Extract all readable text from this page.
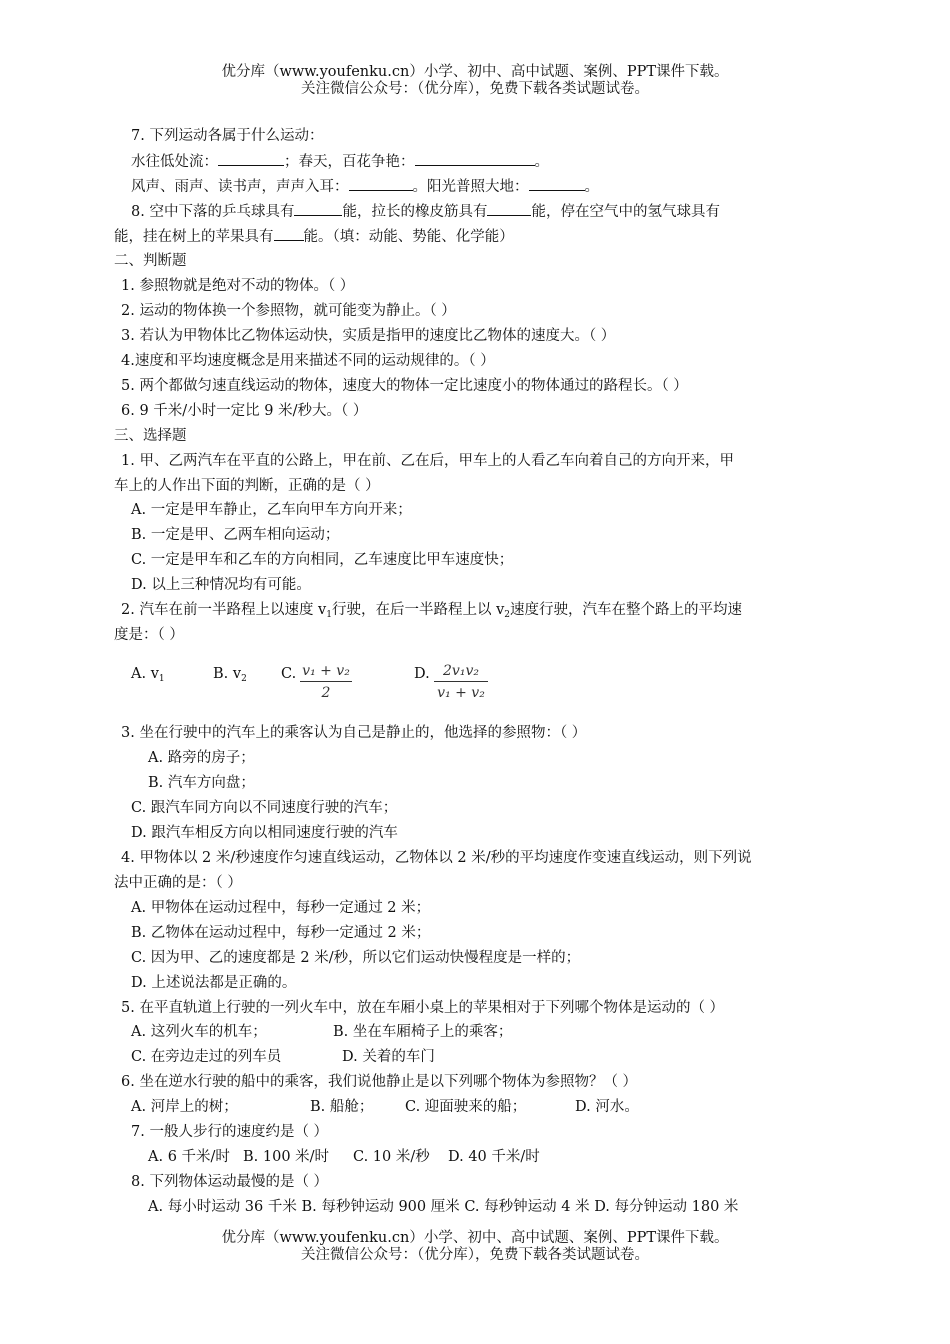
优分库（www.youfenku.cn）小学、初中、高中试题、案例、PPT课件下载。
关注微信公众号：（优分库），免费下载各类试题试卷。
7. 下列运动各属于什么运动：
水往低处流：	；春天，百花争艳：	。
风声、雨声、读书声，声声入耳：	。阳光普照大地：	。
8. 空中下落的乒乓球具有	能，拉长的橡皮筋具有	能，停在空气中的氢气球具有
能，挂在树上的苹果具有 能。（填：动能、势能、化学能）
二、判断题
1. 参照物就是绝对不动的物体。（ ）
2. 运动的物体换一个参照物，就可能变为静止。（ ）
3. 若认为甲物体比乙物体运动快，实质是指甲的速度比乙物体的速度大。（ ）
4.速度和平均速度概念是用来描述不同的运动规律的。（ ）
5. 两个都做匀速直线运动的物体，速度大的物体一定比速度小的物体通过的路程长。（ ）
6. 9 千米/小时一定比 9 米/秒大。（ ）
三、选择题
1. 甲、乙两汽车在平直的公路上，甲在前、乙在后，甲车上的人看乙车向着自己的方向开来，甲
车上的人作出下面的判断，正确的是（ ）
A. 一定是甲车静止，乙车向甲车方向开来；
B. 一定是甲、乙两车相向运动；
C. 一定是甲车和乙车的方向相同，乙车速度比甲车速度快；
D. 以上三种情况均有可能。
2. 汽车在前一半路程上以速度 $v_1$行驶，在后一半路程上以 $v_2$速度行驶，汽车在整个路上的平均速
度是：（ ）
A. $v_1$	B. $v_2$ C. v₁ + v₂
2
D. 2v₁v₂
v₁ + v₂
3. 坐在行驶中的汽车上的乘客认为自己是静止的，他选择的参照物：（ ）
A. 路旁的房子；
B. 汽车方向盘；
C. 跟汽车同方向以不同速度行驶的汽车；
D. 跟汽车相反方向以相同速度行驶的汽车
4. 甲物体以 2 米/秒速度作匀速直线运动，乙物体以 2 米/秒的平均速度作变速直线运动，则下列说
法中正确的是：（ ）
A. 甲物体在运动过程中，每秒一定通过 2 米；
B. 乙物体在运动过程中，每秒一定通过 2 米；
C. 因为甲、乙的速度都是 2 米/秒，所以它们运动快慢程度是一样的；
D. 上述说法都是正确的。
5. 在平直轨道上行驶的一列火车中，放在车厢小桌上的苹果相对于下列哪个物体是运动的（ ）
A. 这列火车的机车；	B. 坐在车厢椅子上的乘客；
C. 在旁边走过的列车员	D. 关着的车门
6. 坐在逆水行驶的船中的乘客，我们说他静止是以下列哪个物体为参照物？（ ）
A. 河岸上的树；	B. 船舱； C. 迎面驶来的船；	D. 河水。
7. 一般人步行的速度约是（ ）
A. 6 千米/时 B. 100 米/时 C. 10 米/秒 D. 40 千米/时
8. 下列物体运动最慢的是（ ）
A. 每小时运动 36 千米 B. 每秒钟运动 900 厘米 C. 每秒钟运动 4 米 D. 每分钟运动 180 米
优分库（www.youfenku.cn）小学、初中、高中试题、案例、PPT课件下载。
关注微信公众号：（优分库），免费下载各类试题试卷。
